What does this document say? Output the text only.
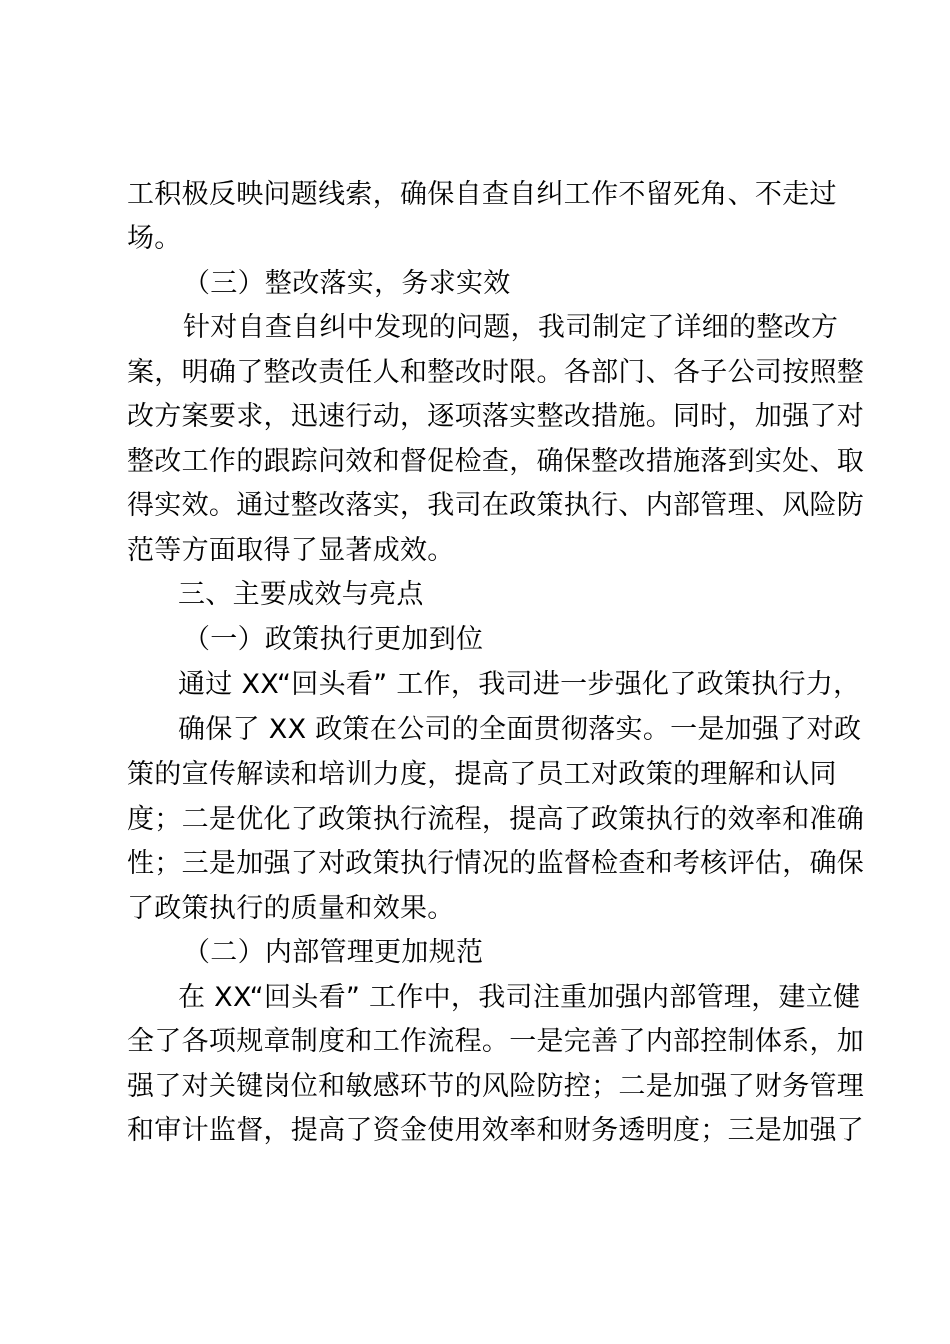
工积极反映问题线索，确保自查自纠工作不留死角、不走过
场。
（三）整改落实，务求实效
针对自查自纠中发现的问题，我司制定了详细的整改方
案，明确了整改责任人和整改时限。各部门、各子公司按照整
改方案要求，迅速行动，逐项落实整改措施。同时，加强了对
整改工作的跟踪问效和督促检查，确保整改措施落到实处、取
得实效。通过整改落实，我司在政策执行、内部管理、风险防
范等方面取得了显著成效。
三、主要成效与亮点
（一）政策执行更加到位
通过 XX“回头看” 工作，我司进一步强化了政策执行力，
确保了 XX 政策在公司的全面贯彻落实。一是加强了对政
策的宣传解读和培训力度，提高了员工对政策的理解和认同
度；二是优化了政策执行流程，提高了政策执行的效率和准确
性；三是加强了对政策执行情况的监督检查和考核评估，确保
了政策执行的质量和效果。
（二）内部管理更加规范
在 XX“回头看” 工作中，我司注重加强内部管理，建立健
全了各项规章制度和工作流程。一是完善了内部控制体系，加
强了对关键岗位和敏感环节的风险防控；二是加强了财务管理
和审计监督，提高了资金使用效率和财务透明度；三是加强了
